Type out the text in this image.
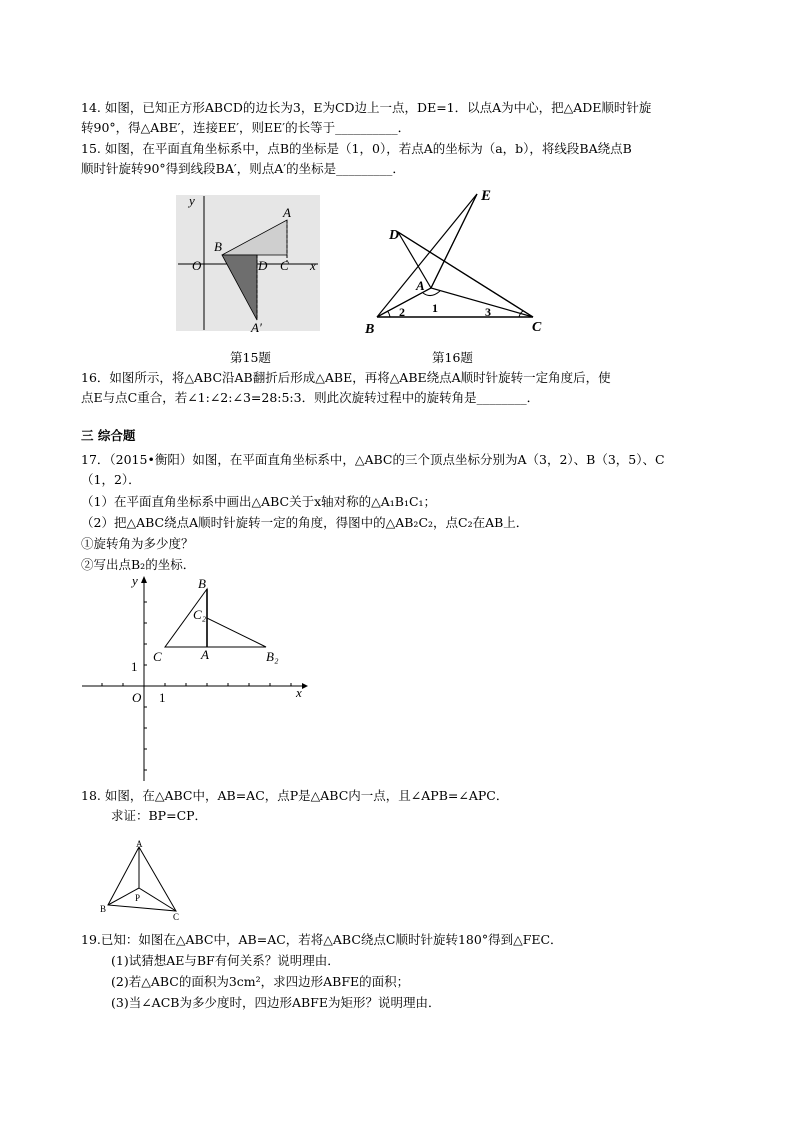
14. 如图，已知正方形ABCD的边长为3，E为CD边上一点，DE=1．以点A为中心，把△ADE顺时针旋
转90°，得△ABE′，连接EE′，则EE′的长等于__________．
15. 如图，在平面直角坐标系中，点B的坐标是（1，0），若点A的坐标为（a，b），将线段BA绕点B
顺时针旋转90°得到线段BA′，则点A′的坐标是_________．
y
x
O
B
A
D C
A′
第15题
E
D
A
B	C
1
2	3
第16题
16．如图所示，将△ABC沿AB翻折后形成△ABE，再将△ABE绕点A顺时针旋转一定角度后，使
点E与点C重合，若∠1:∠2:∠3=28:5:3．则此次旋转过程中的旋转角是________．
三 综合题
17．（2015•衡阳）如图，在平面直角坐标系中，△ABC的三个顶点坐标分别为A（3，2）、B（3，5）、C
（1，2）．
（1）在平面直角坐标系中画出△ABC关于x轴对称的△A₁B₁C₁；
（2）把△ABC绕点A顺时针旋转一定的角度，得图中的△AB₂C₂，点C₂在AB上．
①旋转角为多少度？
②写出点B₂的坐标．
O 1
1
y
x
B
C₂
C	A	B₂
18. 如图，在△ABC中，AB=AC，点P是△ABC内一点，且∠APB=∠APC．
求证：BP=CP．
A
B
C
P
19.已知：如图在△ABC中，AB=AC，若将△ABC绕点C顺时针旋转180°得到△FEC．
(1)试猜想AE与BF有何关系？说明理由．
(2)若△ABC的面积为3cm²，求四边形ABFE的面积；
(3)当∠ACB为多少度时，四边形ABFE为矩形？说明理由．
